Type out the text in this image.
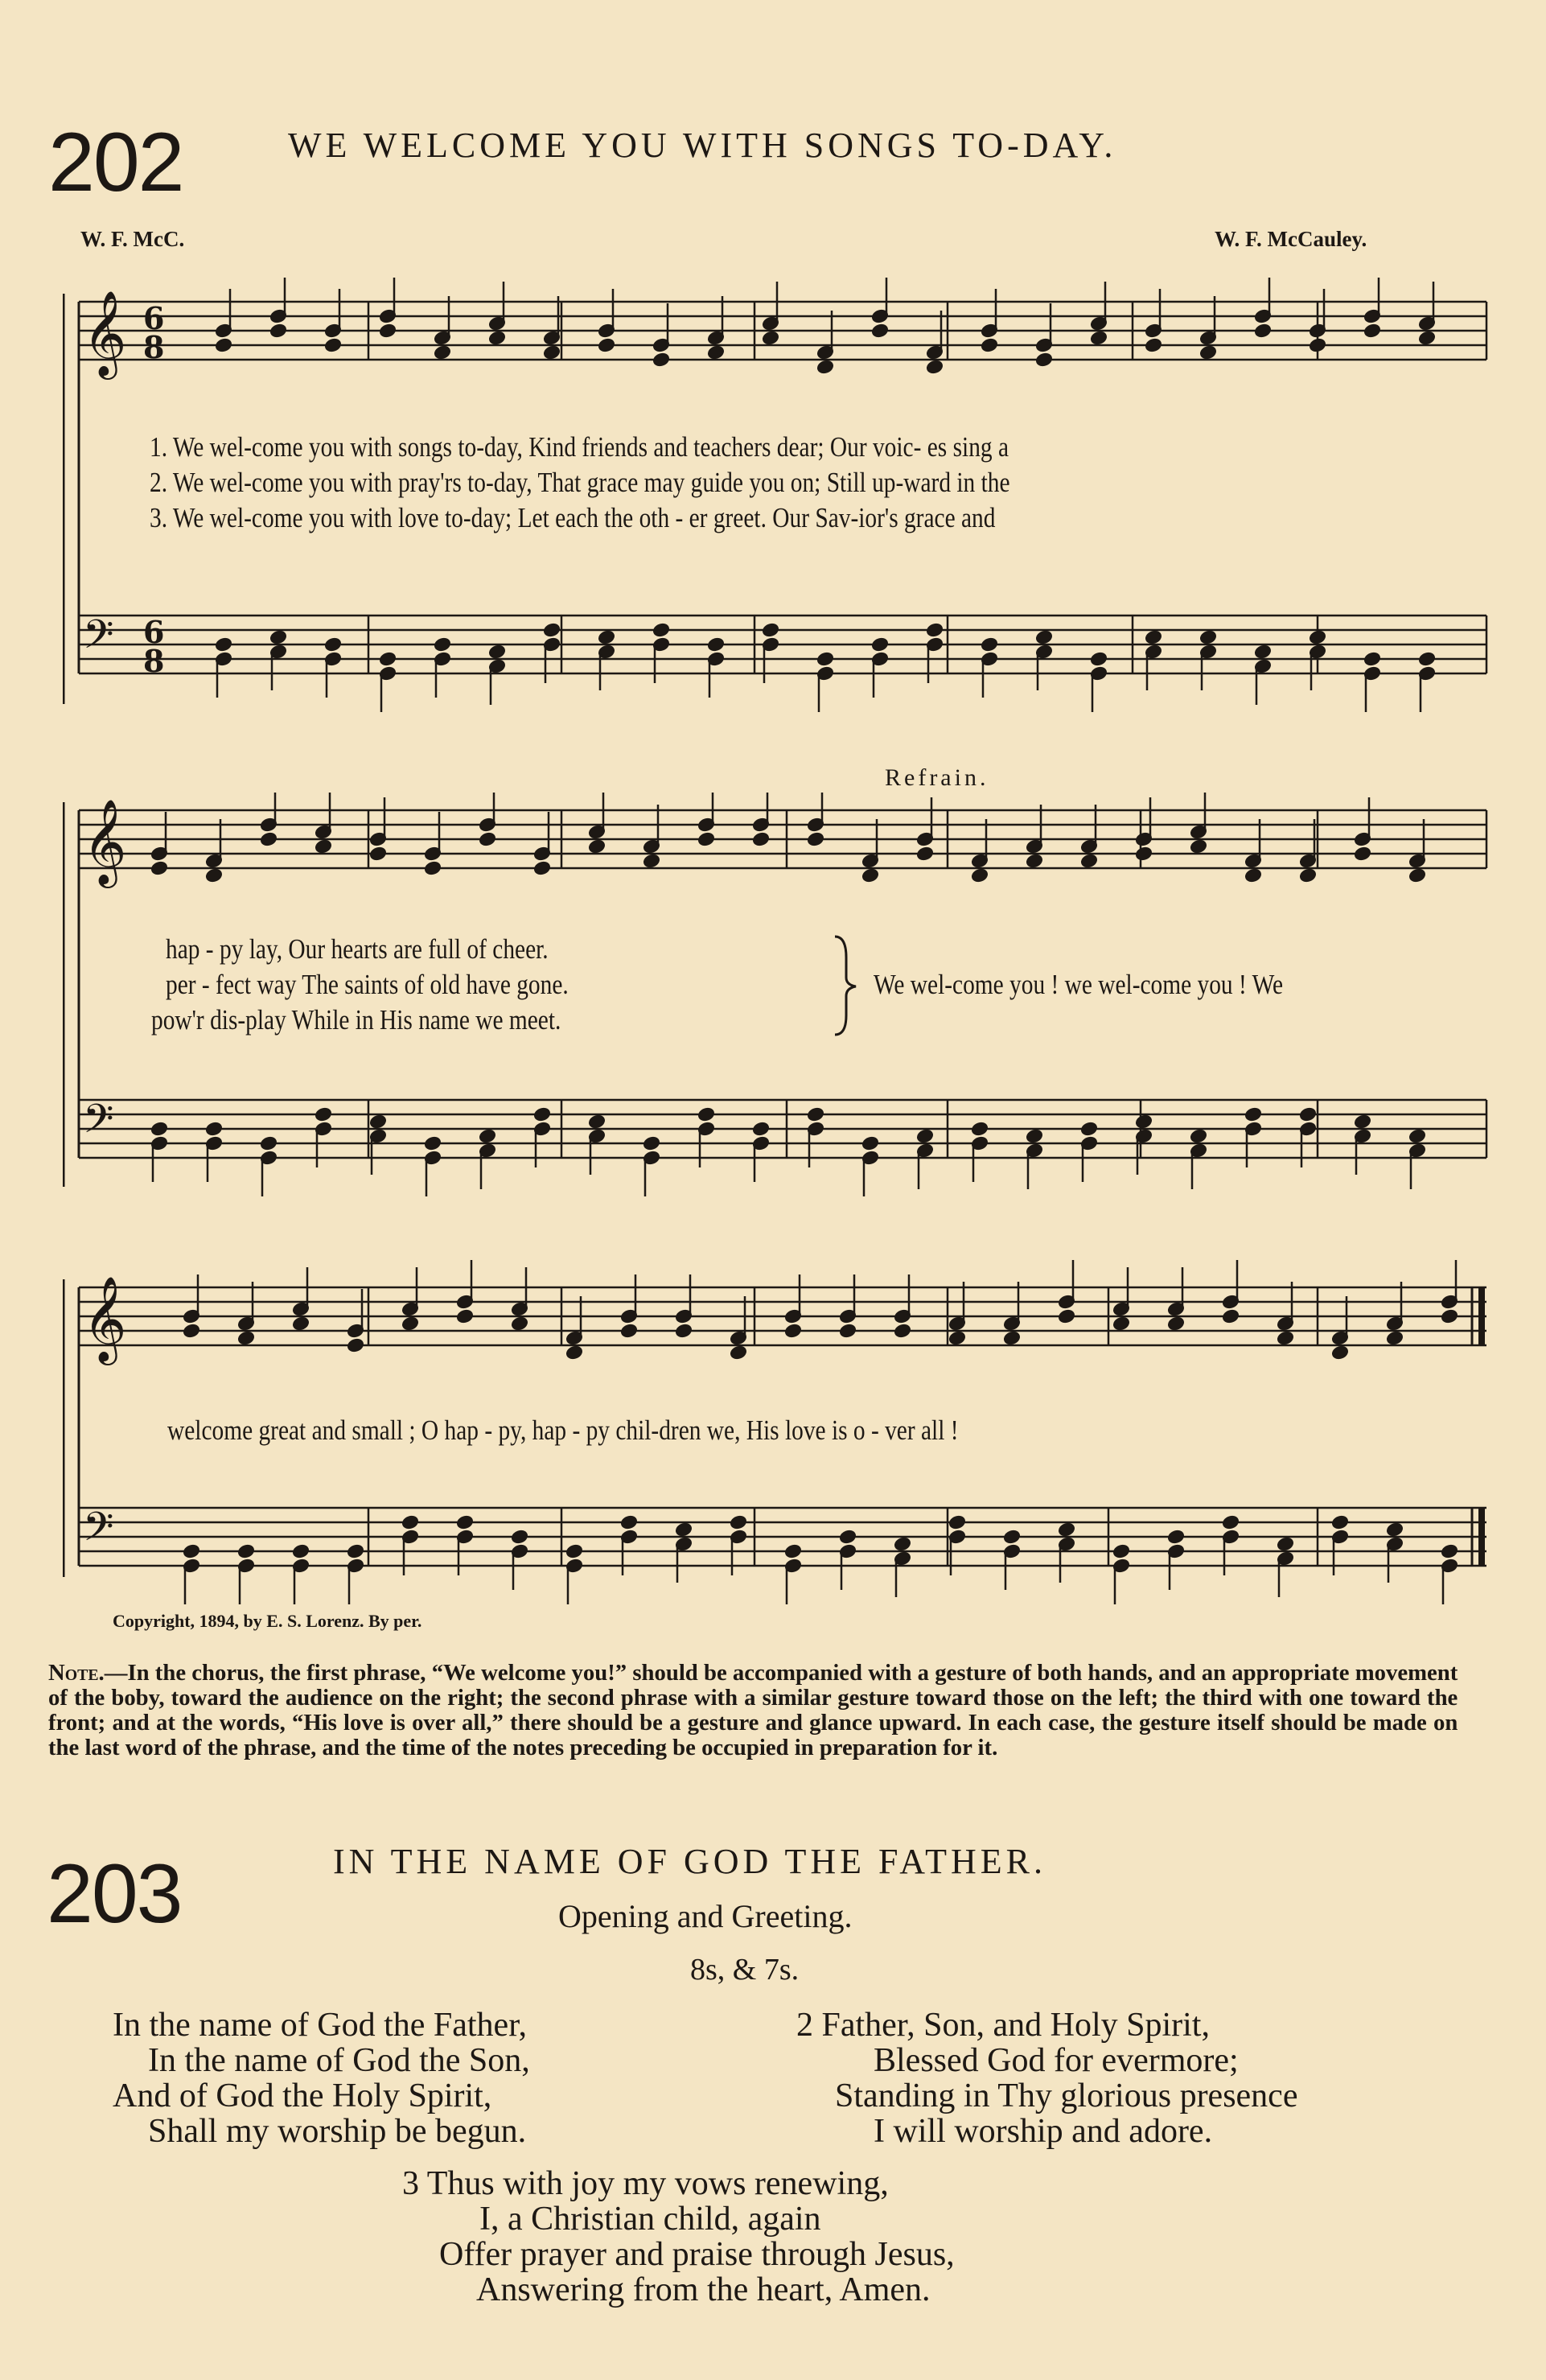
202	WE WELCOME YOU WITH SONGS TO-DAY.
W. F. McC.	W. F. McCauley.
𝄞 6
8
𝄢 6
8
1. We wel-come you with songs to-day, Kind friends and teachers dear; Our voic- es sing a
2. We wel-come you with pray'rs to-day, That grace may guide you on; Still up-ward in the
3. We wel-come you with love to-day; Let each the oth - er greet. Our Sav-ior's grace and
𝄞
𝄢
Refrain.
hap - py lay, Our hearts are full of cheer.
per - fect way The saints of old have gone.
pow'r dis-play While in His name we meet.
We wel-come you ! we wel-come you ! We
𝄞
𝄢
welcome great and small ; O hap - py, hap - py chil-dren we, His love is o - ver all !
Copyright, 1894, by E. S. Lorenz. By per.
Note.—In the chorus, the first phrase, “We welcome you!” should be accompanied with a gesture of both hands, and an appropriate movement of the boby, toward the audience on the right; the second phrase with a similar gesture toward those on the left; the third with one toward the front; and at the words, “His love is over all,” there should be a gesture and glance upward. In each case, the gesture itself should be made on the last word of the phrase, and the time of the notes preceding be occupied in preparation for it.
203	IN THE NAME OF GOD THE FATHER.
Opening and Greeting.
8s, & 7s.
In the name of God the Father,
In the name of God the Son,
And of God the Holy Spirit,
Shall my worship be begun.
2 Father, Son, and Holy Spirit,
Blessed God for evermore;
Standing in Thy glorious presence
I will worship and adore.
3 Thus with joy my vows renewing,
I, a Christian child, again
Offer prayer and praise through Jesus,
Answering from the heart, Amen.
